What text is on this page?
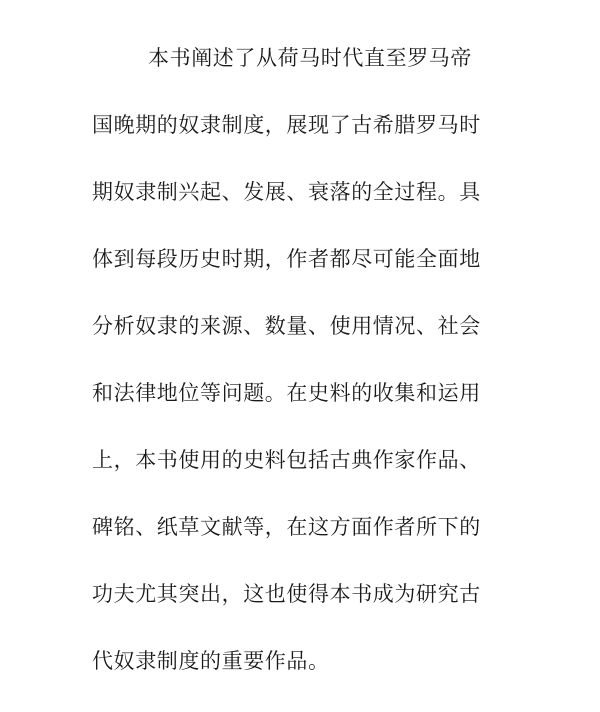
本书阐述了从荷马时代直至罗马帝
国晚期的奴隶制度，展现了古希腊罗马时
期奴隶制兴起、发展、衰落的全过程。具
体到每段历史时期，作者都尽可能全面地
分析奴隶的来源、数量、使用情况、社会
和法律地位等问题。在史料的收集和运用
上，本书使用的史料包括古典作家作品、
碑铭、纸草文献等，在这方面作者所下的
功夫尤其突出，这也使得本书成为研究古
代奴隶制度的重要作品。
